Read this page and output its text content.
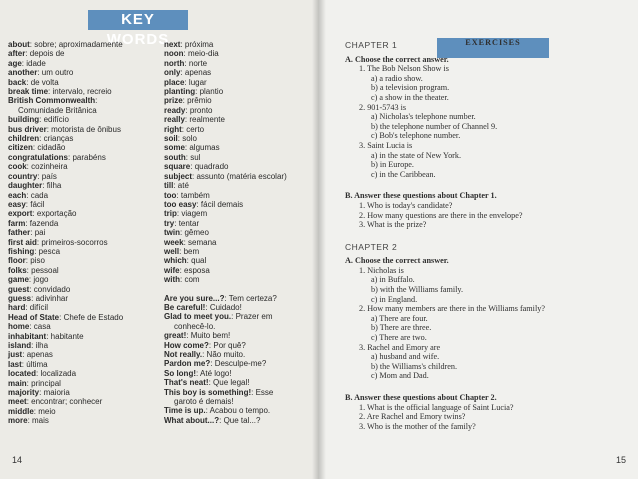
KEY WORDS
about: sobre; aproximadamente
after: depois de
age: idade
another: um outro
back: de volta
break time: intervalo, recreio
British Commonwealth:
Comunidade Britânica
building: edifício
bus driver: motorista de ônibus
children: crianças
citizen: cidadão
congratulations: parabéns
cook: cozinheira
country: país
daughter: filha
each: cada
easy: fácil
export: exportação
farm: fazenda
father: pai
first aid: primeiros-socorros
fishing: pesca
floor: piso
folks: pessoal
game: jogo
guest: convidado
guess: adivinhar
hard: difícil
Head of State: Chefe de Estado
home: casa
inhabitant: habitante
island: ilha
just: apenas
last: última
located: localizada
main: principal
majority: maioria
meet: encontrar; conhecer
middle: meio
more: mais
next: próxima
noon: meio-dia
north: norte
only: apenas
place: lugar
planting: plantio
prize: prêmio
ready: pronto
really: realmente
right: certo
soil: solo
some: algumas
south: sul
square: quadrado
subject: assunto (matéria escolar)
till: até
too: também
too easy: fácil demais
trip: viagem
try: tentar
twin: gêmeo
week: semana
well: bem
which: qual
wife: esposa
with: com
Are you sure...?: Tem certeza?
Be careful!: Cuidado!
Glad to meet you.: Prazer em
conhecê-lo.
great!: Muito bem!
How come?: Por quê?
Not really.: Não muito.
Pardon me?: Desculpe-me?
So long!: Até logo!
That's neat!: Que legal!
This boy is something!: Esse
garoto é demais!
Time is up.: Acabou o tempo.
What about...?: Que tal...?
14
EXERCISES
CHAPTER 1
A. Choose the correct answer.
1. The Bob Nelson Show is
a) a radio show.
b) a television program.
c) a show in the theater.
2. 901-5743 is
a) Nicholas's telephone number.
b) the telephone number of Channel 9.
c) Bob's telephone number.
3. Saint Lucia is
a) in the state of New York.
b) in Europe.
c) in the Caribbean.
B. Answer these questions about Chapter 1.
1. Who is today's candidate?
2. How many questions are there in the envelope?
3. What is the prize?
CHAPTER 2
A. Choose the correct answer.
1. Nicholas is
a) in Buffalo.
b) with the Williams family.
c) in England.
2. How many members are there in the Williams family?
a) There are four.
b) There are three.
c) There are two.
3. Rachel and Emory are
a) husband and wife.
b) the Williams's children.
c) Mom and Dad.
B. Answer these questions about Chapter 2.
1. What is the official language of Saint Lucia?
2. Are Rachel and Emory twins?
3. Who is the mother of the family?
15
